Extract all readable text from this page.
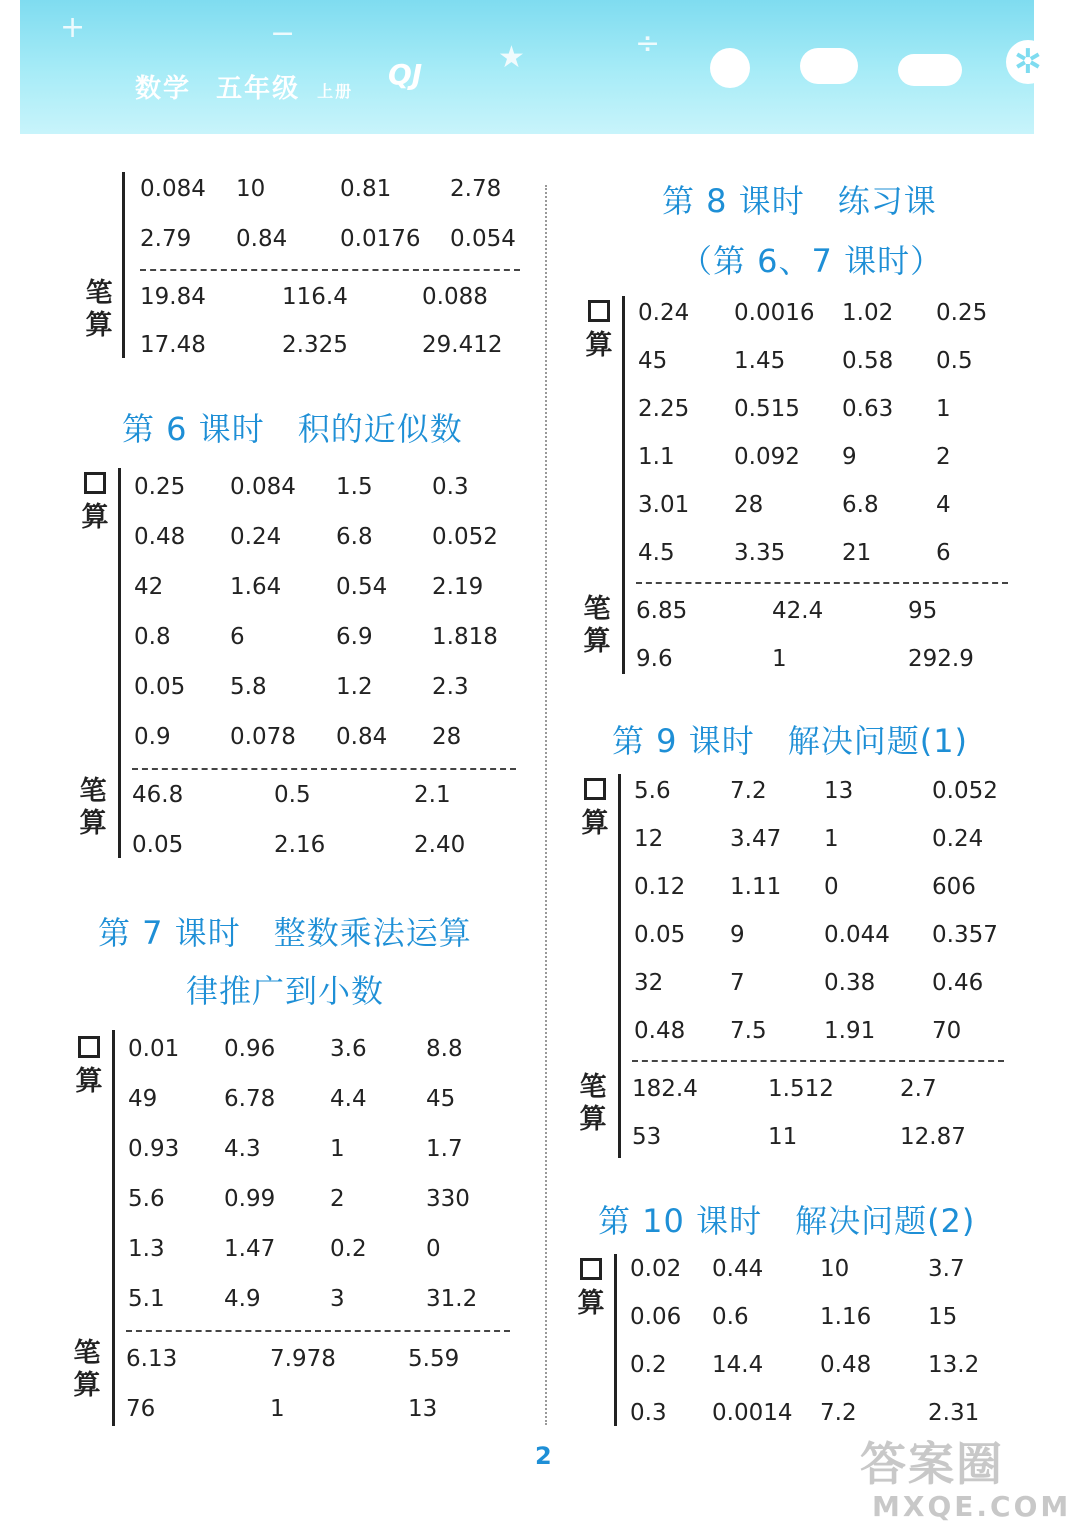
+	−
★	÷	✲
数学 五年级 上册
QJ
0.084 10	0.81	2.78
2.79 0.84 0.0176 0.054
19.84	116.4	0.088
17.48	2.325	29.412
笔
算
第 6 课时　积的近似数
0.25 0.084 1.5	0.3
0.48 0.24 6.8	0.052
42	1.64 0.54 2.19
0.8	6	6.9	1.818
0.05 5.8	1.2	2.3
0.9	0.078 0.84 28
46.8	0.5	2.1
0.05	2.16	2.40

算
笔
算
第 7 课时　整数乘法运算
律推广到小数
0.01 0.96 3.6	8.8
49	6.78 4.4	45
0.93 4.3	1	1.7
5.6	0.99 2	330
1.3	1.47 0.2	0
5.1	4.9	3	31.2
6.13	7.978	5.59
76	1	13

算
笔
算
第 8 课时　练习课
（第 6、7 课时）
0.24 0.0016 1.02 0.25
45	1.45 0.58 0.5
2.25 0.515 0.63 1
1.1	0.092 9	2
3.01 28	6.8 4
4.5	3.35 21	6
6.85	42.4	95
9.6	1	292.9

算
笔
算
第 9 课时　解决问题(1)
5.6	7.2 13	0.052
12	3.47 1	0.24
0.12 1.11 0	606
0.05 9	0.044 0.357
32	7	0.38 0.46
0.48 7.5 1.91 70
182.4	1.512	2.7
53	11	12.87

算
笔
算
第 10 课时　解决问题(2)
0.02 0.44 10	3.7
0.06 0.6	1.16 15
0.2 14.4 0.48 13.2
0.3 0.0014 7.2	2.31

算
2	答案圈
MXQE.COM
